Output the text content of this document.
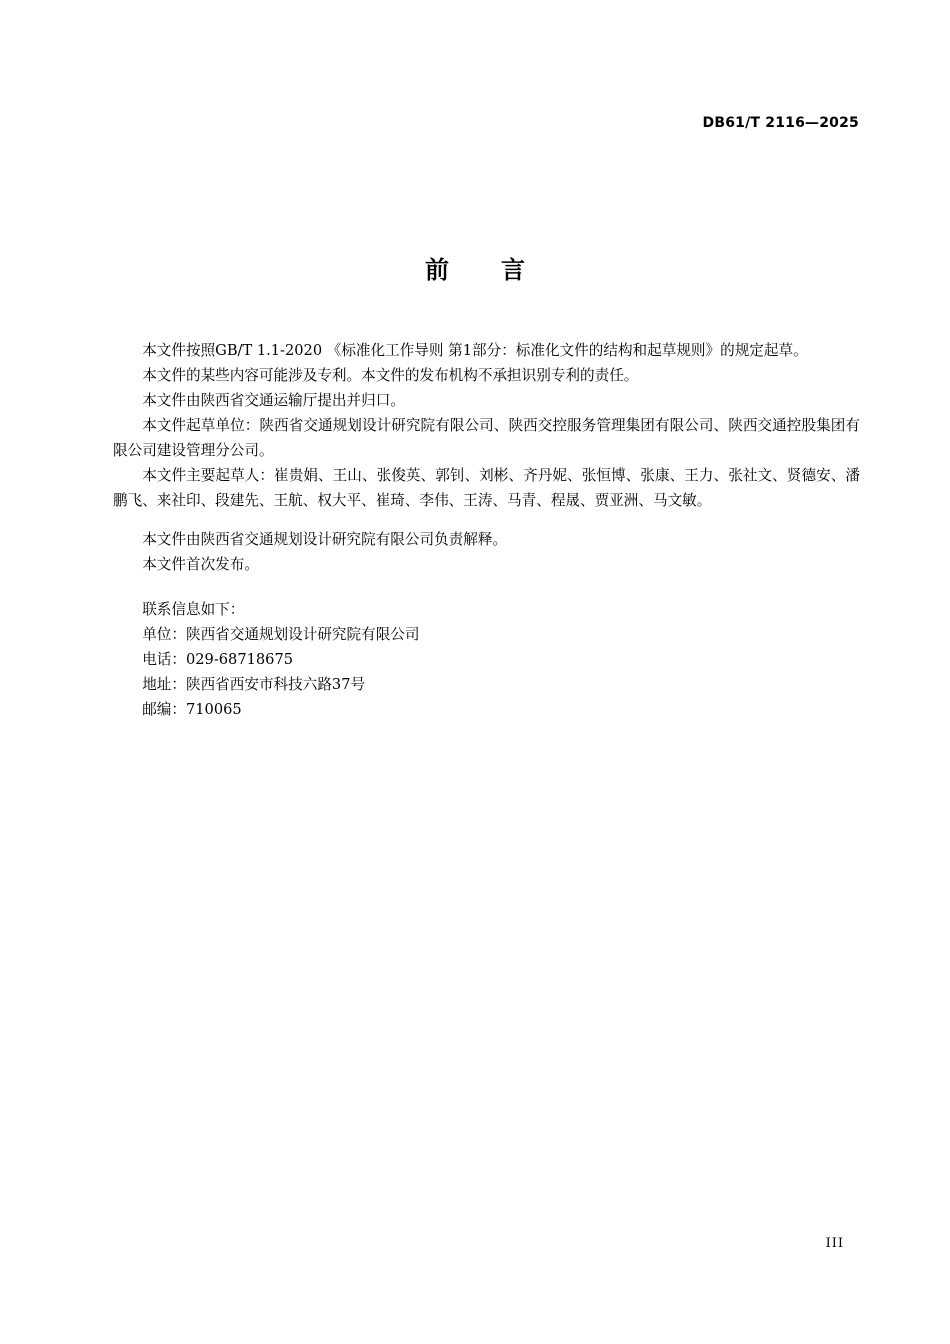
DB61/T 2116—2025
前 言

本文件按照GB/T 1.1-2020 《标准化工作导则 第1部分：标准化文件的结构和起草规则》的规定起草。

本文件的某些内容可能涉及专利。本文件的发布机构不承担识别专利的责任。

本文件由陕西省交通运输厅提出并归口。

本文件起草单位：陕西省交通规划设计研究院有限公司、陕西交控服务管理集团有限公司、陕西交通控股集团有限公司建设管理分公司。

本文件主要起草人：崔贵娟、王山、张俊英、郭钊、刘彬、齐丹妮、张恒博、张康、王力、张社文、贤德安、潘鹏飞、来社印、段建先、王航、权大平、崔琦、李伟、王涛、马青、程晟、贾亚洲、马文敏。

本文件由陕西省交通规划设计研究院有限公司负责解释。

本文件首次发布。

联系信息如下：

单位：陕西省交通规划设计研究院有限公司

电话：029-68718675

地址：陕西省西安市科技六路37号

邮编：710065

III
